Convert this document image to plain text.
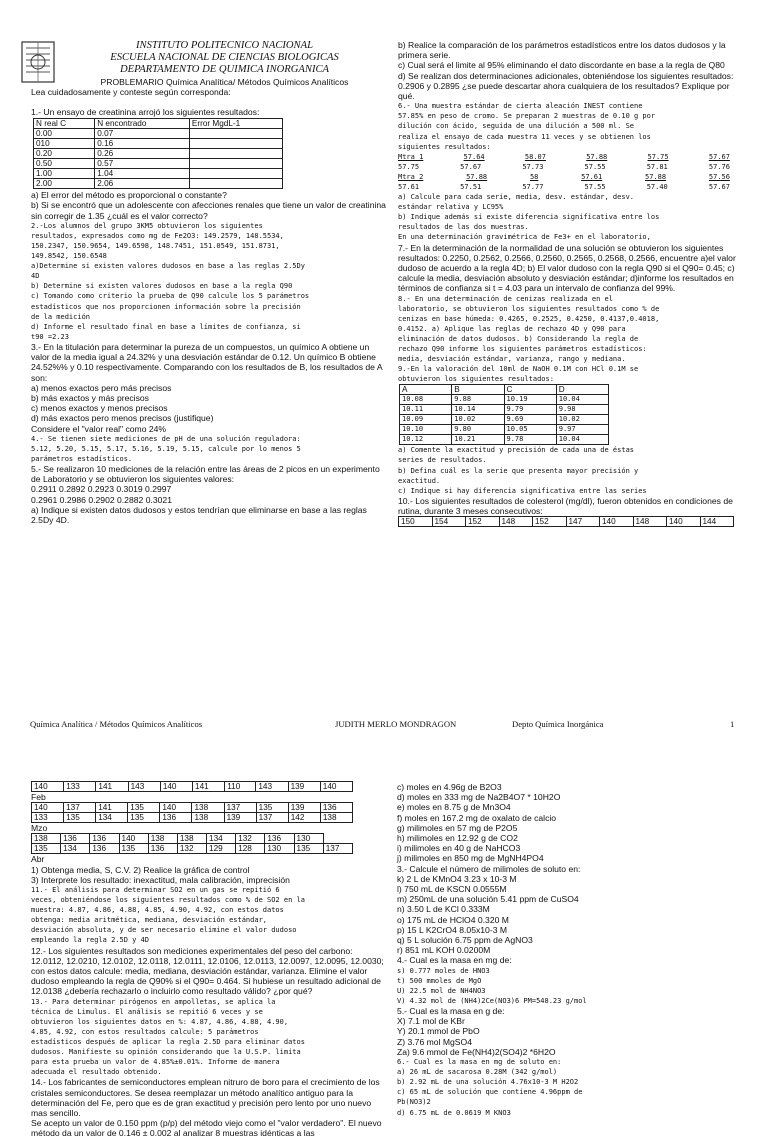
INSTITUTO POLITECNICO NACIONAL

ESCUELA NACIONAL DE CIENCIAS BIOLOGICAS

DEPARTAMENTO DE QUIMICA INORGANICA

PROBLEMARIO Química Analítica/ Métodos Químicos Analíticos

Lea cuidadosamente y conteste según corresponda:

1.- Un ensayo de creatinina arrojó los siguientes resultados:

N real C	N encontrado	Error MgdL-1
0.00	0.07	
010	0.16	
0.20	0.26	
0.50	0.57	
1.00	1.04	
2.00	2.06	

a) El error del método es proporcional o constante?

b) Si se encontró que un adolescente con afecciones renales que tiene un valor de creatinina sin corregir de 1.35 ¿cuál es el valor correcto?

2.-Los alumnos del grupo 3KM5 obtuvieron los siguientes

resultados, expresados como mg de Fe2O3: 149.2579, 148.5534,

150.2347, 150.9654, 149.6598, 148.7451, 151.0549, 151.8731,

149.8542, 150.6548

a)Determine si existen valores dudosos en base a las reglas 2.5Dy

4D

b) Determine si existen valores dudosos en base a la regla Q90

c) Tomando como criterio la prueba de Q90 calcule los 5 parámetros

estadísticos que nos proporcionen información sobre la precisión

de la medición

d) Informe el resultado final en base a límites de confianza, si

t90 =2.23

3.- En la titulación para determinar la pureza de un compuestos, un químico A obtiene un valor de la media igual a 24.32% y una desviación estándar de 0.12. Un químico B obtiene 24.52%% y 0.10 respectivamente. Comparando con los resultados de B, los resultados de A son:

a) menos exactos pero más precisos

b) más exactos y más precisos

c) menos exactos y menos precisos

d) más exactos pero menos precisos (justifique)

Considere el "valor real" como 24%

4.- Se tienen siete mediciones de pH de una solución reguladora:

5.12, 5.20, 5.15, 5.17, 5.16, 5.19, 5.15, calcule por lo menos 5

parámetros estadísticos.

5.- Se realizaron 10 mediciones de la relación entre las áreas de 2 picos en un experimento de Laboratorio y se obtuvieron los siguientes valores:

0.2911 0.2892 0.2923 0.3019 0.2997

0.2961 0.2986 0.2902 0.2882 0.3021

a) Indique si existen datos dudosos y estos tendrían que eliminarse en base a las reglas 2.5Dy 4D.

b) Realice la comparación de los parámetros estadísticos entre los datos dudosos y la primera serie.

c) Cual será el limite al 95% eliminando el dato discordante en base a la regla de Q80

d) Se realizan dos determinaciones adicionales, obteniéndose los siguientes resultados: 0.2906 y 0.2895 ¿se puede descartar ahora cualquiera de los resultados? Explique por qué.

6.- Una muestra estándar de cierta aleación INEST contiene

57.85% en peso de cromo. Se preparan 2 muestras de 0.10 g por

dilución con ácido, seguida de una dilución a 500 ml. Se

realiza el ensayo de cada muestra 11 veces y se obtienen los

siguientes resultados:

Mtra 1	57.64	58.07	57.88	57.75	57.67
57.75	57.67	57.73	57.55	57.81	57.76
Mtra 2	57.88	58	57.61	57.88	57.56
57.61	57.51	57.77	57.55	57.40	57.67

a) Calcule para cada serie, media, desv. estándar, desv.

estándar relativa y LC95%

b) Indique además si existe diferencia significativa entre los

resultados de las dos muestras.

En una determinación gravimétrica de Fe3+ en el laboratorio,

7.- En la determinación de la normalidad de una solución se obtuvieron los siguientes resultados: 0.2250, 0.2562, 0.2566, 0.2560, 0.2565, 0.2568, 0.2566, encuentre a)el valor dudoso de acuerdo a la regla 4D; b) El valor dudoso con la regla Q90 si el Q90= 0.45; c) calcule la media, desviación absoluto y desviación estándar; d)informe los resultados en términos de confianza si t = 4.03 para un intervalo de confianza del 99%.

8.- En una determinación de cenizas realizada en el

laboratorio, se obtuvieron los siguientes resultados como % de

cenizas en base húmeda: 0.4265, 0.2525, 0.4250, 0.4137,0.4018,

0.4152. a) Aplique las reglas de rechazo 4D y Q90 para

eliminación de datos dudosos. b) Considerando la regla de

rechazo Q90 informe los siguientes parámetros estadísticos:

media, desviación estándar, varianza, rango y mediana.

9.-En la valoración del 10ml de NaOH 0.1M con HCl 0.1M se

obtuvieron los siguientes resultados:

A	B	C	D
10.08	9.88	10.19	10.04
10.11	10.14	9.79	9.98
10.09	10.02	9.69	10.02
10.10	9.80	10.05	9.97
10.12	10.21	9.78	10.04

a) Comente la exactitud y precisión de cada una de éstas

series de resultados.

b) Defina cuál es la serie que presenta mayor precisión y

exactitud.

c) Indique si hay diferencia significativa entre las series

10.- Los siguientes resultados de colesterol (mg/dl), fueron obtenidos en condiciones de rutina, durante 3 meses consecutivos:

150	154	152	148	152	147	140	148	140	144
Química Analítica / Métodos Químicos Analíticos	JUDITH MERLO MONDRAGON	Depto Química Inorgánica	1
140	133	141	143	140	141	110	143	139	140

Feb

140	137	141	135	140	138	137	135	139	136
133	135	134	135	136	138	139	137	142	138

Mzo

138	136	136	140	138	138	134	132	136	130	
135	134	136	135	136	132	129	128	130	135	137

Abr

1) Obtenga media, S, C.V. 2) Realice la gráfica de control

3) Interprete los resultado: inexactitud, mala calibración, imprecisión

11.- El análisis para determinar SO2 en un gas se repitió 6

veces, obteniéndose los siguientes resultados como % de SO2 en la

muestra: 4.87, 4.86, 4.88, 4.85, 4.90, 4.92, con estos datos

obtenga: media aritmética, mediana, desviación estándar,

desviación absoluta, y de ser necesario elimine el valor dudoso

empleando la regla 2.5D y 4D

12.- Los siguientes resultados son mediciones experimentales del peso del carbono: 12.0112, 12.0210, 12.0102, 12.0118, 12.0111, 12.0106, 12.0113, 12.0097, 12.0095, 12.0030; con estos datos calcule: media, mediana, desviación estándar, varianza. Elimine el valor dudoso empleando la regla de Q90% si el Q90= 0.464. Si hubiese un resultado adicional de 12.0138 ¿debería rechazarlo o incluirlo como resultado válido? ¿por qué?

13.- Para determinar pirógenos en ampolletas, se aplica la

técnica de Limulus. El análisis se repitió 6 veces y se

obtuvieron los siguientes datos en %: 4.87, 4.86, 4.88, 4.90,

4.85, 4.92, con estos resultados calcule: 5 parámetros

estadísticos después de aplicar la regla 2.5D para eliminar datos

dudosos. Manifieste su opinión considerando que la U.S.P. limita

para esta prueba un valor de 4.85%±0.01%. Informe de manera

adecuada el resultado obtenido.

14.- Los fabricantes de semiconductores emplean nitruro de boro para el crecimiento de los cristales semiconductores. Se desea reemplazar un método analítico antiguo para la determinación del Fe, pero que es de gran exactitud y precisión pero lento por uno nuevo mas sencillo.

Se acepto un valor de 0.150 ppm (p/p) del método viejo como el "valor verdadero". El nuevo método da un valor de 0.146 ± 0.002 al analizar 8 muestras idénticas a las

c) moles en 4.96g de B2O3

d) moles en 333 mg de Na2B4O7 * 10H2O

e) moles en 8.75 g de Mn3O4

f) moles en 167.2 mg de oxalato de calcio

g) milimoles en 57 mg de P2O5

h) milimoles en 12.92 g de CO2

i) milimoles en 40 g de NaHCO3

j) milimoles en 850 mg de MgNH4PO4

3.- Calcule el número de milimoles de soluto en:

k) 2 L de KMnO4 3.23 x 10-3 M

l) 750 mL de KSCN 0.0555M

m) 250mL de una solución 5.41 ppm de CuSO4

n) 3.50 L de KCl 0.333M

o) 175 mL de HClO4 0.320 M

p) 15 L K2CrO4 8.05x10-3 M

q) 5 L solución 6.75 ppm de AgNO3

r) 851 mL KOH 0.0200M

4.- Cual es la masa en mg de:

s) 0.777 moles de HNO3

t) 500 mmoles de MgO

U) 22.5 mol de NH4NO3

V) 4.32 mol de (NH4)2Ce(NO3)6 PM=548.23 g/mol

5.- Cual es la masa en g de:

X) 7.1 mol de KBr

Y) 20.1 mmol de PbO

Z) 3.76 mol MgSO4

Za) 9.6 mmol de Fe(NH4)2(SO4)2 *6H2O

6.- Cual es la masa en mg de soluto en:

a) 26 mL de sacarosa 0.28M (342 g/mol)

b) 2.92 mL de una solución 4.76x10-3 M H2O2

c) 65 mL de solución que contiene 4.96ppm de

Pb(NO3)2

d) 6.75 mL de 0.0619 M KNO3
